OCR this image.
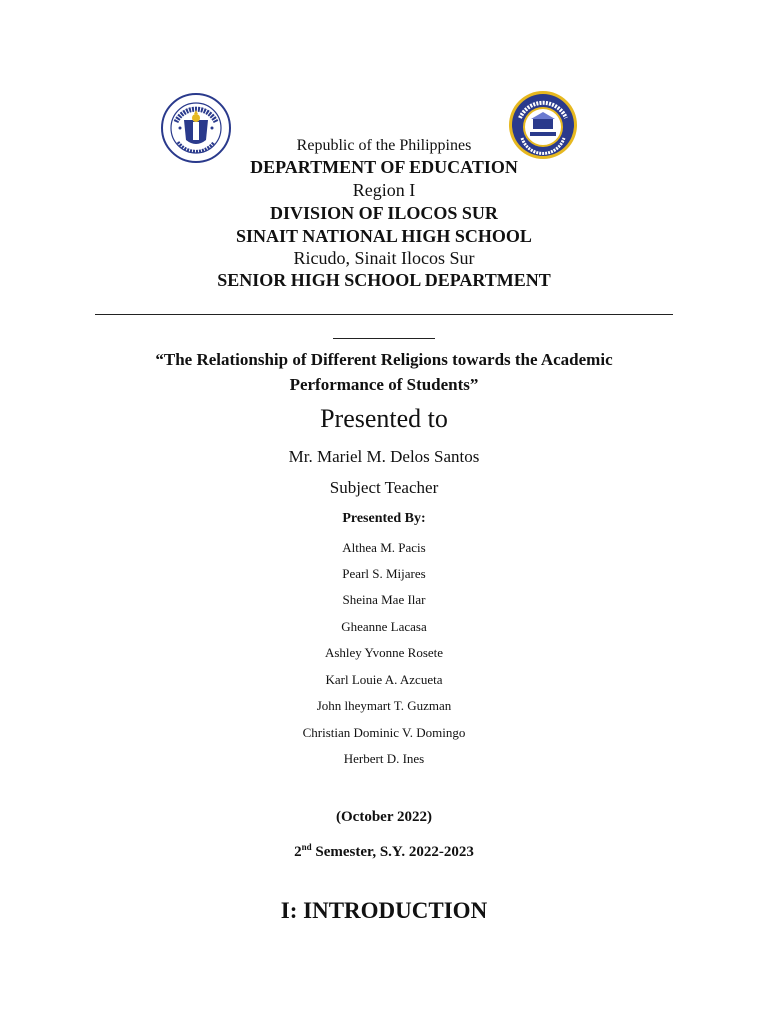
Republic of the Philippines
DEPARTMENT OF EDUCATION
Region I
DIVISION OF ILOCOS SUR
SINAIT NATIONAL HIGH SCHOOL
Ricudo, Sinait Ilocos Sur
SENIOR HIGH SCHOOL DEPARTMENT
“The Relationship of Different Religions towards the Academic
Performance of Students”
Presented to
Mr. Mariel M. Delos Santos
Subject Teacher
Presented By:
Althea M. Pacis
Pearl S. Mijares
Sheina Mae Ilar
Gheanne Lacasa
Ashley Yvonne Rosete
Karl Louie A. Azcueta
John lheymart T. Guzman
Christian Dominic V. Domingo
Herbert D. Ines
(October 2022)
2nd Semester, S.Y. 2022-2023
I: INTRODUCTION
